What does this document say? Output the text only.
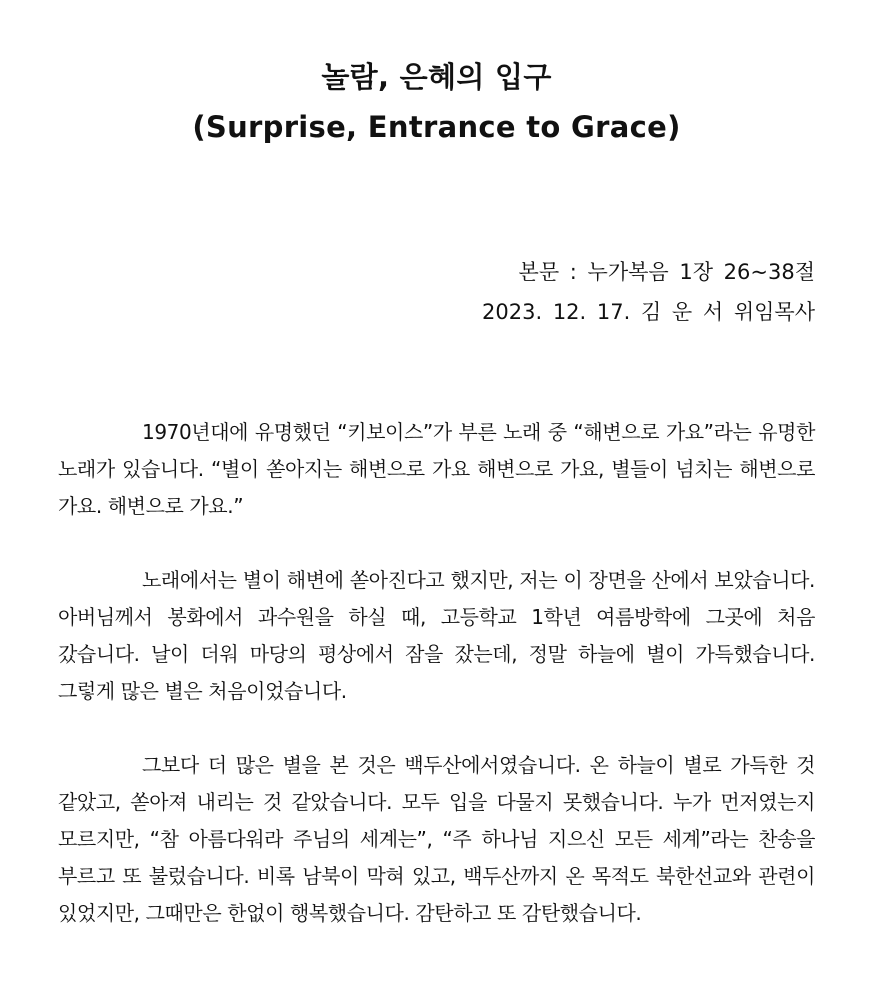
놀람, 은혜의 입구
(Surprise, Entrance to Grace)
본문 : 누가복음 1장 26~38절
2023. 12. 17. 김 운 서 위임목사

1970년대에 유명했던 “키보이스”가 부른 노래 중 “해변으로 가요”라는 유명한 노래가 있습니다. “별이 쏟아지는 해변으로 가요 해변으로 가요, 별들이 넘치는 해변으로 가요. 해변으로 가요.”

노래에서는 별이 해변에 쏟아진다고 했지만, 저는 이 장면을 산에서 보았습니다. 아버님께서 봉화에서 과수원을 하실 때, 고등학교 1학년 여름방학에 그곳에 처음 갔습니다. 날이 더워 마당의 평상에서 잠을 잤는데, 정말 하늘에 별이 가득했습니다. 그렇게 많은 별은 처음이었습니다.

그보다 더 많은 별을 본 것은 백두산에서였습니다. 온 하늘이 별로 가득한 것 같았고, 쏟아져 내리는 것 같았습니다. 모두 입을 다물지 못했습니다. 누가 먼저였는지 모르지만, “참 아름다워라 주님의 세계는”, “주 하나님 지으신 모든 세계”라는 찬송을 부르고 또 불렀습니다. 비록 남북이 막혀 있고, 백두산까지 온 목적도 북한선교와 관련이 있었지만, 그때만은 한없이 행복했습니다. 감탄하고 또 감탄했습니다.
